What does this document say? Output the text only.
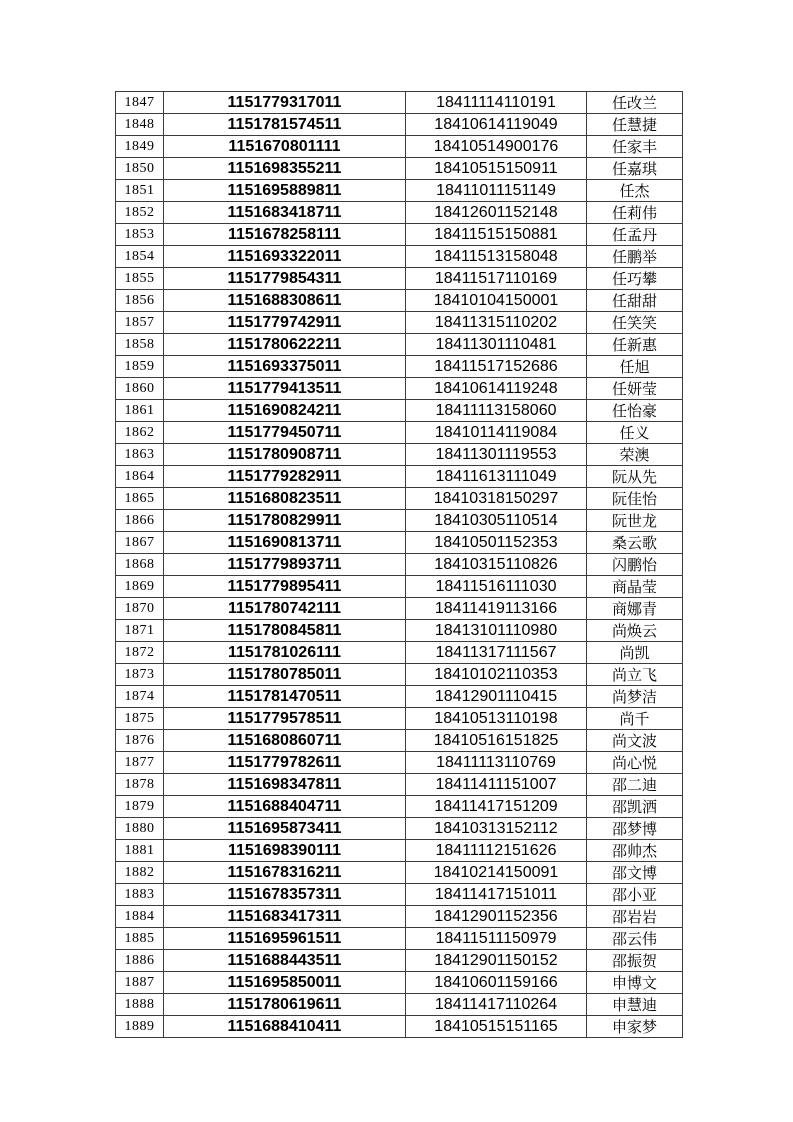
1847	1151779317011	18411114110191	任改兰
1848	1151781574511	18410614119049	任慧捷
1849	1151670801111	18410514900176	任家丰
1850	1151698355211	18410515150911	任嘉琪
1851	1151695889811	18411011151149	任杰
1852	1151683418711	18412601152148	任莉伟
1853	1151678258111	18411515150881	任孟丹
1854	1151693322011	18411513158048	任鹏举
1855	1151779854311	18411517110169	任巧攀
1856	1151688308611	18410104150001	任甜甜
1857	1151779742911	18411315110202	任笑笑
1858	1151780622211	18411301110481	任新惠
1859	1151693375011	18411517152686	任旭
1860	1151779413511	18410614119248	任妍莹
1861	1151690824211	18411113158060	任怡豪
1862	1151779450711	18410114119084	任义
1863	1151780908711	18411301119553	荣澳
1864	1151779282911	18411613111049	阮从先
1865	1151680823511	18410318150297	阮佳怡
1866	1151780829911	18410305110514	阮世龙
1867	1151690813711	18410501152353	桑云歌
1868	1151779893711	18410315110826	闪鹏怡
1869	1151779895411	18411516111030	商晶莹
1870	1151780742111	18411419113166	商娜青
1871	1151780845811	18413101110980	尚焕云
1872	1151781026111	18411317111567	尚凯
1873	1151780785011	18410102110353	尚立飞
1874	1151781470511	18412901110415	尚梦洁
1875	1151779578511	18410513110198	尚千
1876	1151680860711	18410516151825	尚文波
1877	1151779782611	18411113110769	尚心悦
1878	1151698347811	18411411151007	邵二迪
1879	1151688404711	18411417151209	邵凯洒
1880	1151695873411	18410313152112	邵梦博
1881	1151698390111	18411112151626	邵帅杰
1882	1151678316211	18410214150091	邵文博
1883	1151678357311	18411417151011	邵小亚
1884	1151683417311	18412901152356	邵岩岩
1885	1151695961511	18411511150979	邵云伟
1886	1151688443511	18412901150152	邵振贺
1887	1151695850011	18410601159166	申博文
1888	1151780619611	18411417110264	申慧迪
1889	1151688410411	18410515151165	申家梦
